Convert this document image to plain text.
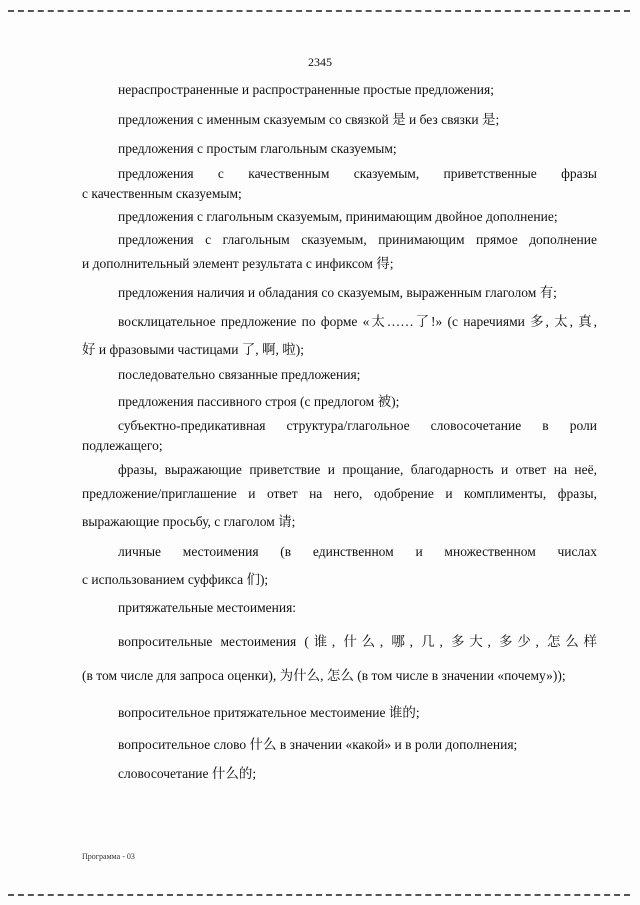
2345

нераспространенные и распространенные простые предложения;

предложения с именным сказуемым со связкой 是 и без связки 是;

предложения с простым глагольным сказуемым;

предложения с качественным сказуемым, приветственные фразы

с качественным сказуемым;

предложения с глагольным сказуемым, принимающим двойное дополнение;

предложения с глагольным сказуемым, принимающим прямое дополнение

и дополнительный элемент результата с инфиксом 得;

предложения наличия и обладания со сказуемым, выраженным глаголом 有;

восклицательное предложение по форме «太……了!» (с наречиями 多, 太, 真,

好 и фразовыми частицами 了, 啊, 啦);

последовательно связанные предложения;

предложения пассивного строя (с предлогом 被);

субъектно-предикативная структура/глагольное словосочетание в роли

подлежащего;

фразы, выражающие приветствие и прощание, благодарность и ответ на неё,

предложение/приглашение и ответ на него, одобрение и комплименты, фразы,

выражающие просьбу, с глаголом 请;

личные местоимения (в единственном и множественном числах

с использованием суффикса 们);

притяжательные местоимения:

вопросительные местоимения (谁, 什么, 哪, 几, 多大, 多少, 怎么样

(в том числе для запроса оценки), 为什么, 怎么 (в том числе в значении «почему»));

вопросительное притяжательное местоимение 谁的;

вопросительное слово 什么 в значении «какой» и в роли дополнения;

словосочетание 什么的;

Программа - 03
